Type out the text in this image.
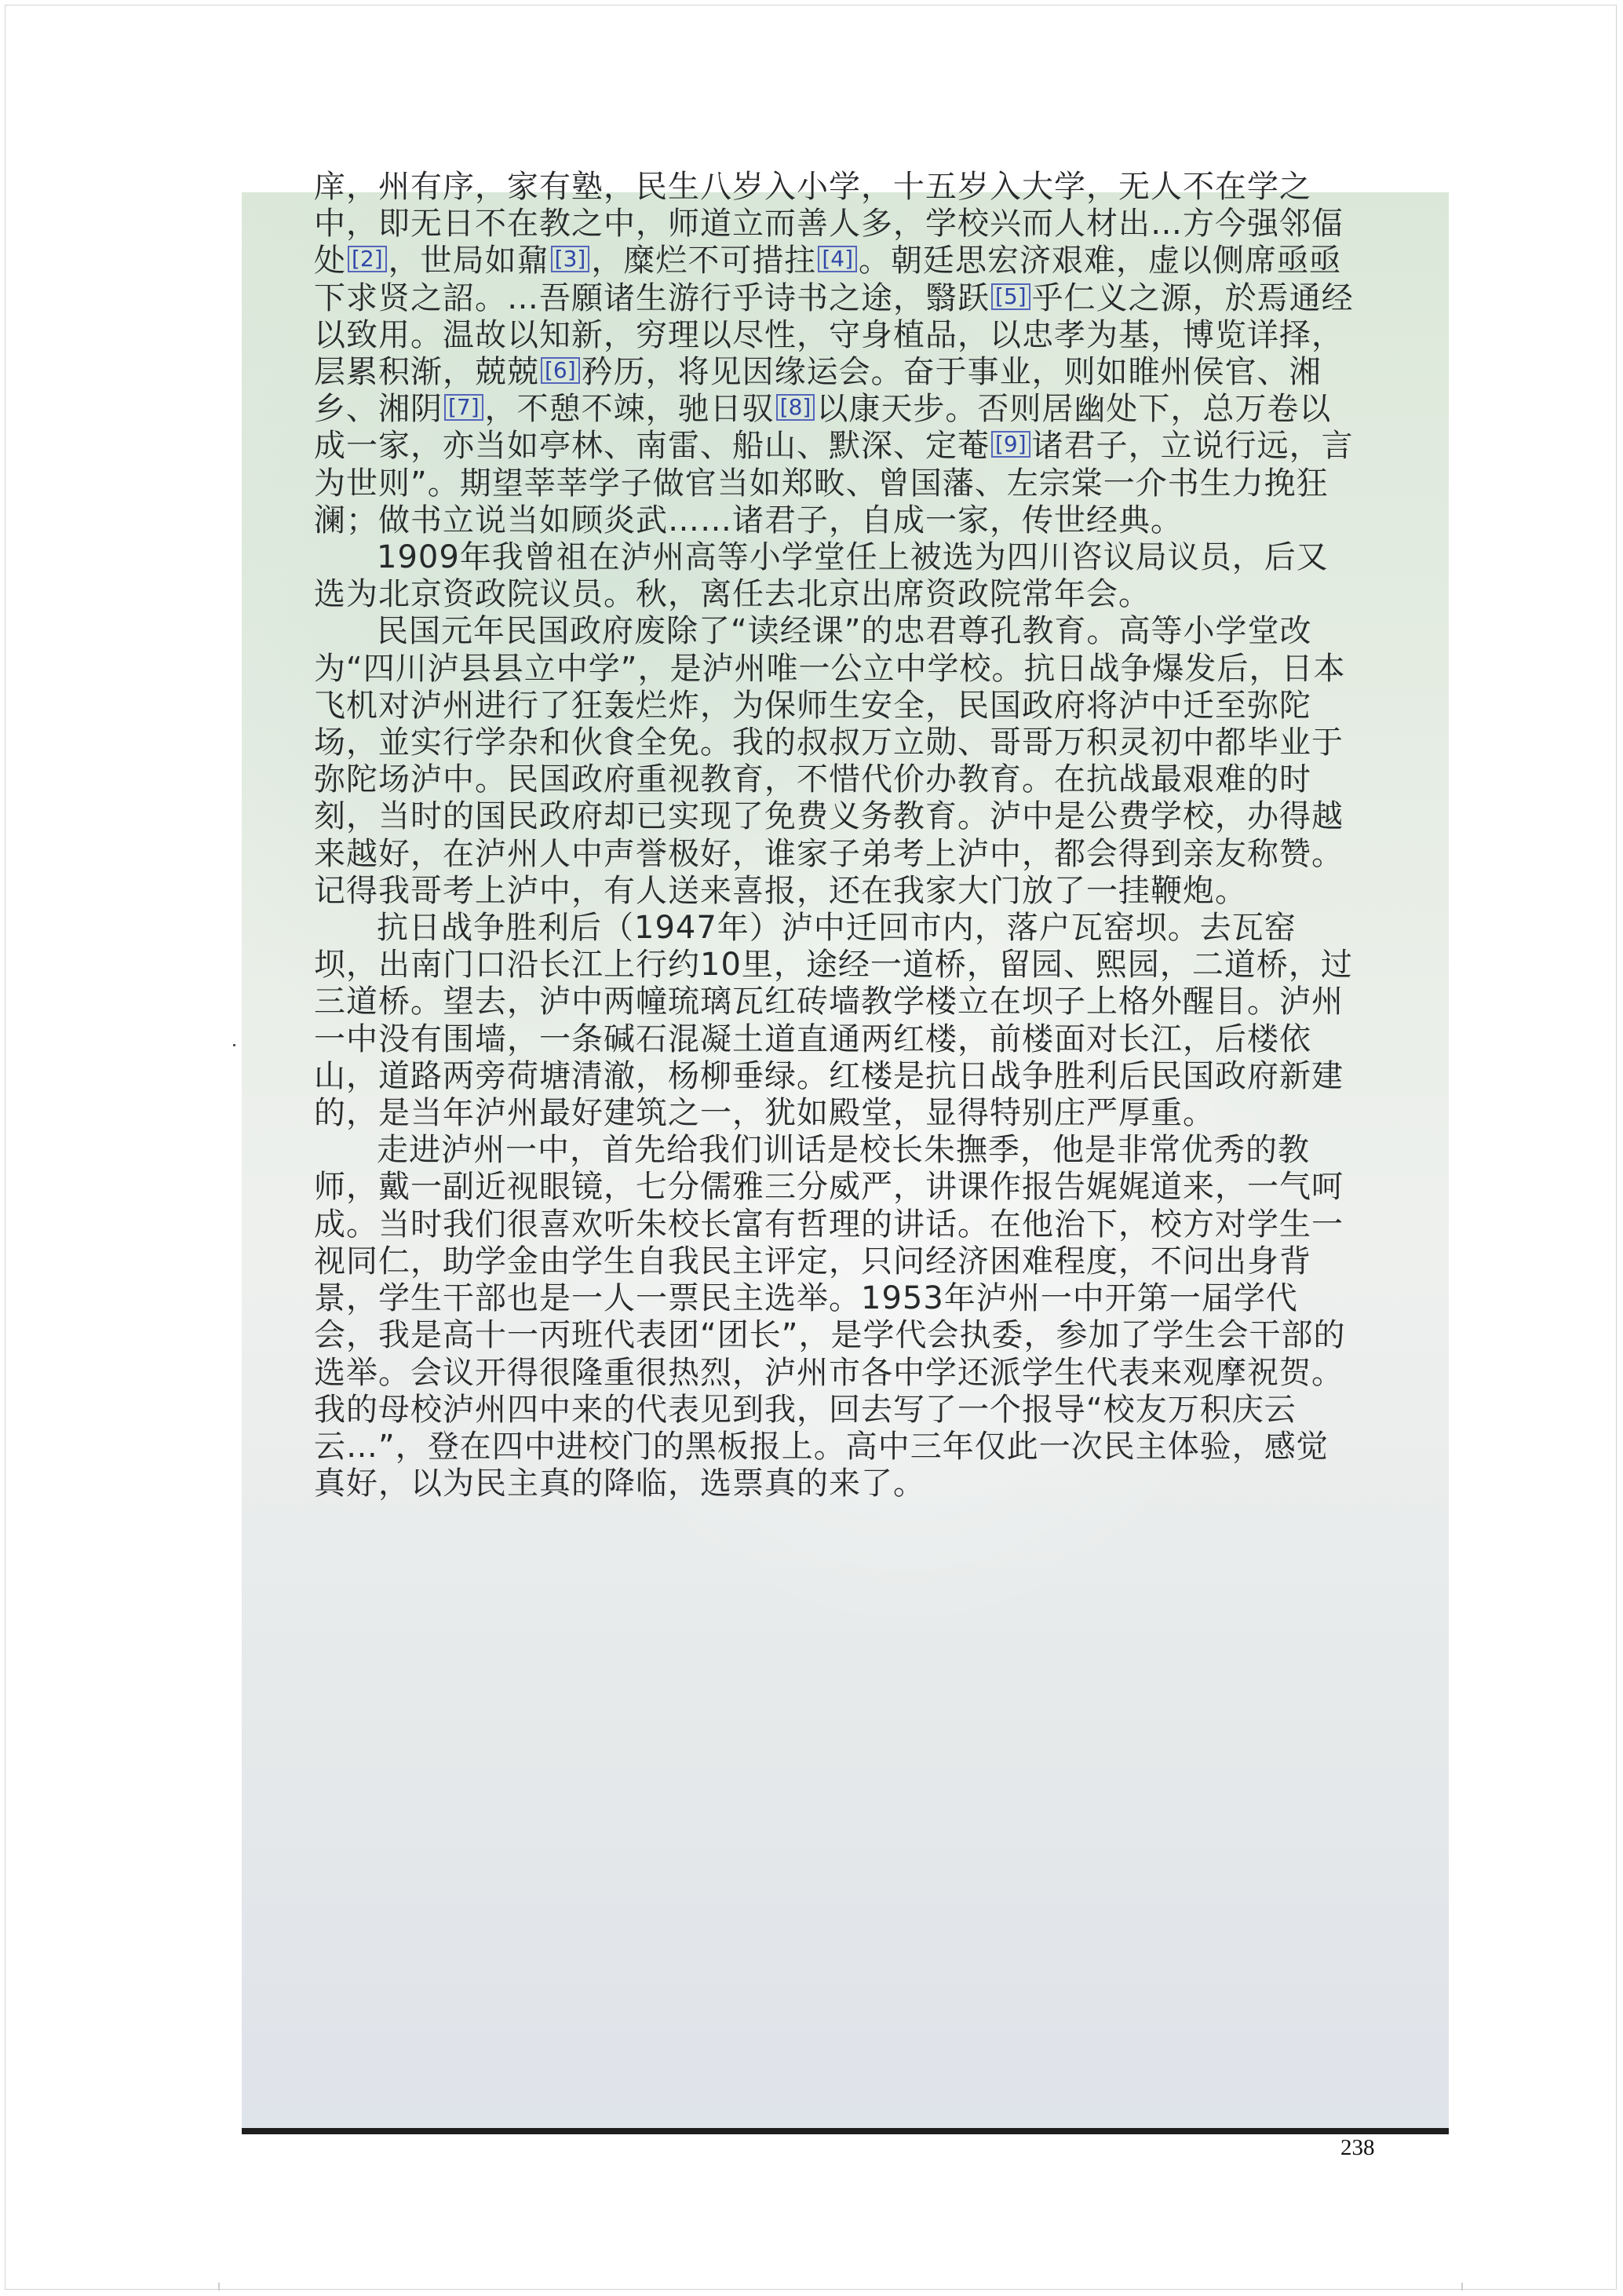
庠，州有序，家有塾，民生八岁入小学，十五岁入大学，无人不在学之中，即无日不在教之中，师道立而善人多，学校兴而人材出…方今强邻偪处 [2] ，世局如鼐 [3] ，糜烂不可措拄 [4] 。朝廷思宏济艰难，虚以侧席亟亟下求贤之詔。…吾願诸生游行乎诗书之途，翳跃 [5] 乎仁义之源，於焉通经以致用。温故以知新，穷理以尽性，守身植品，以忠孝为基，博览详择，层累积渐，兢兢 [6] 矜历，将见因缘运会。奋于事业，则如睢州侯官、湘乡、湘阴 [7] ，不憩不竦，驰日驭 [8] 以康天步。否则居幽处下，总万卷以成一家，亦当如亭林、南雷、船山、默深、定菴 [9] 诸君子，立说行远，言为世则”。期望莘莘学子做官当如郑畋、曾国藩、左宗棠一介书生力挽狂澜；做书立说当如顾炎武……诸君子，自成一家，传世经典。

1909年我曾祖在泸州高等小学堂任上被选为四川咨议局议员，后又选为北京资政院议员。秋，离任去北京出席资政院常年会。

民国元年民国政府废除了“读经课”的忠君尊孔教育。高等小学堂改为“四川泸县县立中学”，是泸州唯一公立中学校。抗日战争爆发后，日本飞机对泸州进行了狂轰烂炸，为保师生安全，民国政府将泸中迁至弥陀场，並实行学杂和伙食全免。我的叔叔万立勋、哥哥万积灵初中都毕业于弥陀场泸中。民国政府重视教育，不惜代价办教育。在抗战最艰难的时刻，当时的国民政府却已实现了免费义务教育。泸中是公费学校，办得越来越好，在泸州人中声誉极好，谁家子弟考上泸中，都会得到亲友称赞。记得我哥考上泸中，有人送来喜报，还在我家大门放了一挂鞭炮。

抗日战争胜利后（1947年）泸中迁回市内，落户瓦窑坝。去瓦窑坝，出南门口沿长江上行约10里，途经一道桥，留园、熙园，二道桥，过三道桥。望去，泸中两幢琉璃瓦红砖墙教学楼立在坝子上格外醒目。泸州一中没有围墙，一条碱石混凝土道直通两红楼，前楼面对长江，后楼依山，道路两旁荷塘清澈，杨柳垂绿。红楼是抗日战争胜利后民国政府新建的，是当年泸州最好建筑之一，犹如殿堂，显得特别庄严厚重。

走进泸州一中，首先给我们训话是校长朱撫季，他是非常优秀的教师，戴一副近视眼镜，七分儒雅三分威严，讲课作报告娓娓道来，一气呵成。当时我们很喜欢听朱校长富有哲理的讲话。在他治下，校方对学生一视同仁，助学金由学生自我民主评定，只问经济困难程度，不问出身背景，学生干部也是一人一票民主选举。1953年泸州一中开第一届学代会，我是高十一丙班代表团“团长”，是学代会执委，参加了学生会干部的选举。会议开得很隆重很热烈，泸州市各中学还派学生代表来观摩祝贺。我的母校泸州四中来的代表见到我，回去写了一个报导“校友万积庆云云…”，登在四中进校门的黑板报上。高中三年仅此一次民主体验，感觉真好，以为民主真的降临，选票真的来了。

238
